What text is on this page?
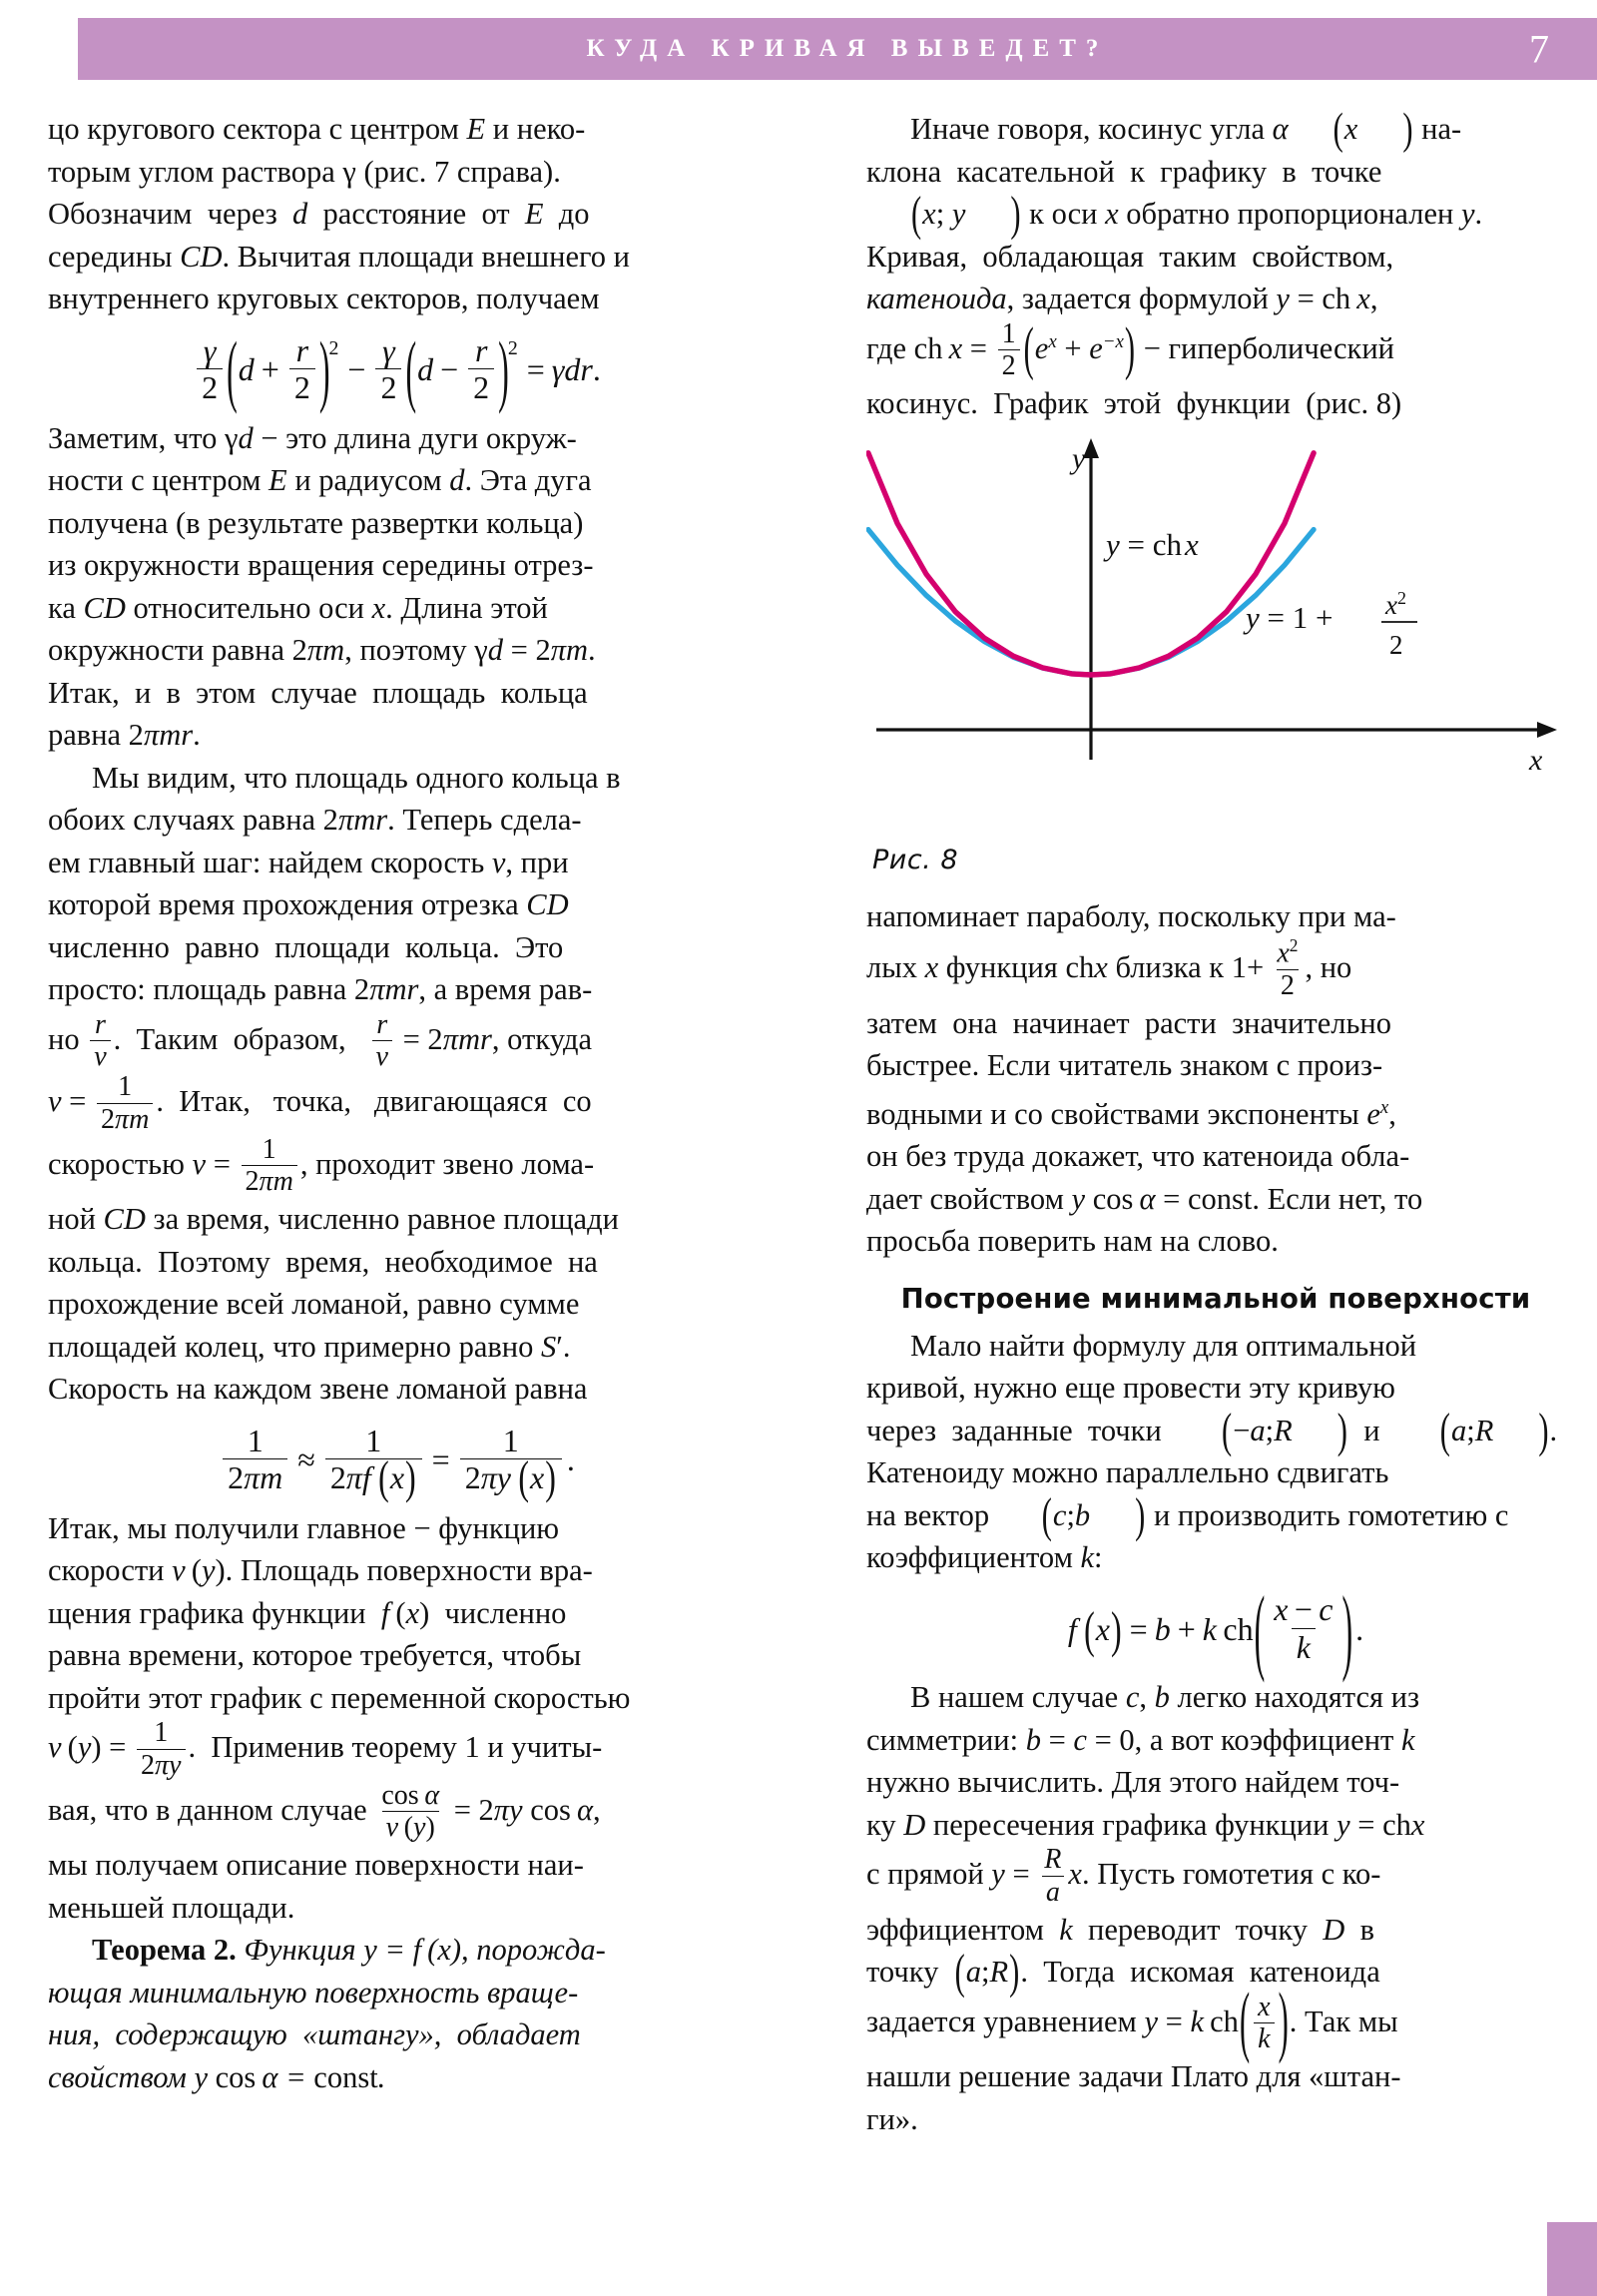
КУДА КРИВАЯ ВЫВЕДЕТ?	7

цо кругового сектора с центром E и неко-
торым углом раствора γ (рис. 7 справа).
Обозначим  через  d  расстояние  от  E  до
середины CD. Вычитая площади внешнего и
внутреннего круговых секторов, получаем

$\frac{\gamma}{2}$ ( $d + \frac{r}{2}$ ) 2
− $\frac{\gamma}{2}$ ( $d - \frac{r}{2}$ ) 2
= γdr .

Заметим, что γd − это длина дуги окруж-
ности с центром E и радиусом d. Эта дуга
получена (в результате развертки кольца)
из окружности вращения середины отрез-
ка CD относительно оси x. Длина этой
окружности равна 2πm, поэтому γd = 2πm.
Итак,  и  в  этом  случае  площадь  кольца
равна 2πmr.

Мы видим, что площадь одного кольца в
обоих случаях равна 2πmr. Теперь сдела-
ем главный шаг: найдем скорость v, при
которой время прохождения отрезка CD
численно  равно  площади  кольца.  Это
просто: площадь равна 2πmr, а время рав-

но $\frac{r}{v}$ .  Таким  образом, $\frac{r}{v} = 2\pi mr$, откуда

$v = \frac{1}{2\pi m}$ .  Итак,   точка,   двигающаяся  со

скоростью $v = \frac{1}{2\pi m}$ , проходит звено лома-

ной CD за время, численно равное площади
кольца.  Поэтому  время,  необходимое  на
прохождение всей ломаной, равно сумме
площадей колец, что примерно равно S′.
Скорость на каждом звене ломаной равна

$\frac{1}{2\pi m} \approx \frac{1}{2\pi f (x)} = \frac{1}{2\pi y (x)}$ .

Итак, мы получили главное − функцию
скорости v (y). Площадь поверхности вра-
щения графика функции  f (x)  численно
равна времени, которое требуется, чтобы
пройти этот график с переменной скоростью

v $(y) = \frac{1}{2\pi y}$ .  Применив теорему 1 и учиты-

вая, что в данном случае $\frac{\text{cos α}}{v (y)} = 2\pi y$ cos α,

мы получаем описание поверхности наи-
меньшей площади.

Теорема 2. Функция y = f (x), порожда-
ющая минимальную поверхность враще-
ния,  содержащую  «штангу»,  обладает
свойством y cos  α = const.

Иначе говоря, косинус угла α (x ) на-
клона  касательной  к  графику  в  точке
(x; y ) к оси x обратно пропорционален y.
Кривая,  обладающая  таким  свойством,
катеноида, задается формулой y = ch  x,

где ch  $x = \frac{1}{2} (e^x + e^{-x})$ − гиперболический

косинус.  График  этой  функции  (рис. 8)

y
x
y = chx
$y = 1 + x^2$
2
Рис. 8

напоминает параболу, поскольку при ма-

лых x функция chx близка к $1+ \frac{x^2}{2}$ , но

затем  она  начинает  расти  значительно
быстрее. Если читатель знаком с произ-
водными и со свойствами экспоненты $e^x$,
он без труда докажет, что катеноида обла-
дает свойством y cos  α = const. Если нет, то
просьба поверить нам на слово.

Построение минимальной поверхности

Мало найти формулу для оптимальной
кривой, нужно еще провести эту кривую
через  заданные  точки  (−a;R )  и  (a;R ).
Катеноиду можно параллельно сдвигать
на вектор (c;b ) и производить гомотетию с
коэффициентом k:

f
  ( x ) = b + k
  ch ( $\frac{x - c}{k}$ ) .

В нашем случае c, b легко находятся из
симметрии: b = c = 0, а вот коэффициент k
нужно вычислить. Для этого найдем точ-
ку D пересечения графика функции y = chx

с прямой $y = \frac{R}{a} x$. Пусть гомотетия с ко-

эффициентом  k  переводит  точку  D  в
точку  (a;R).  Тогда  искомая  катеноида

задается уравнением y = k  $ch( \frac{x}{k}$ ). Так мы

нашли решение задачи Плато для «штан-
ги».
